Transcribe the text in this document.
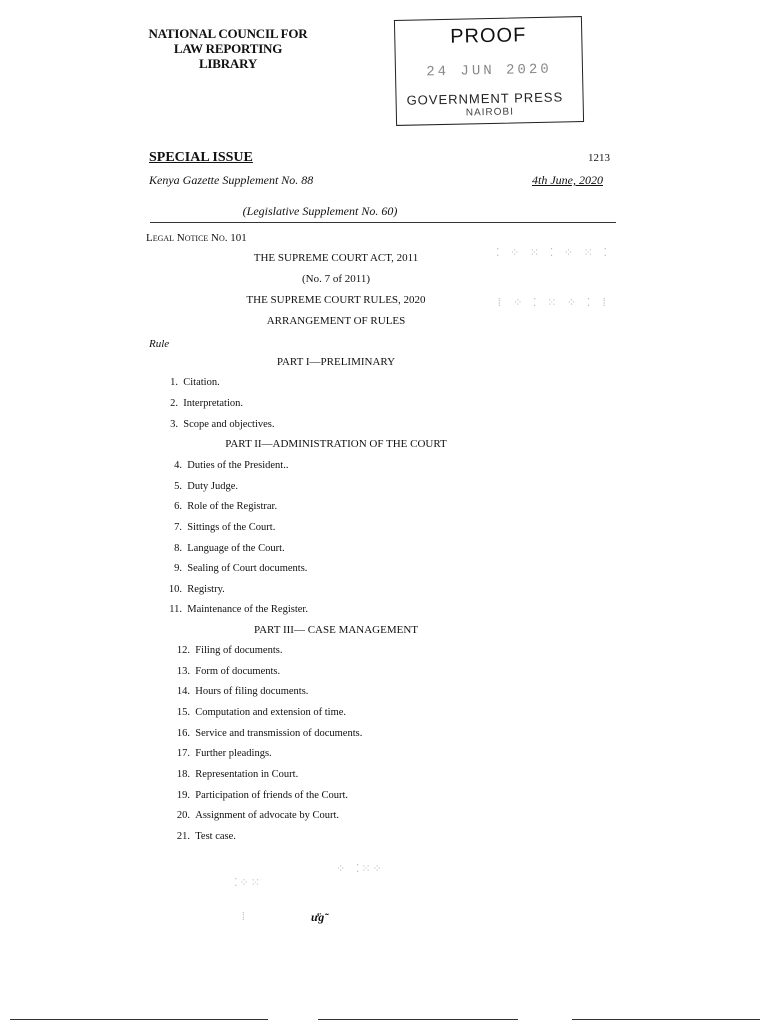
NATIONAL COUNCIL FOR
LAW REPORTING
LIBRARY
PROOF
24 JUN 2020
GOVERNMENT PRESS
NAIROBI
SPECIAL ISSUE	1213
Kenya Gazette Supplement No. 88	4th June, 2020
(Legislative Supplement No. 60)
Legal Notice No. 101
THE SUPREME COURT ACT, 2011
(No. 7 of 2011)
THE SUPREME COURT RULES, 2020
ARRANGEMENT OF RULES
Rule
⁚ ⁘ ⁙ ⁚ ⁘ ⁙ ⁚
⁞ ⁘ ⁚ ⁙ ⁘ ⁚ ⁞
PART I—PRELIMINARY
1. Citation.
2. Interpretation.
3. Scope and objectives.
PART II—ADMINISTRATION OF THE COURT
4. Duties of the President..
5. Duty Judge.
6. Role of the Registrar.
7. Sittings of the Court.
8. Language of the Court.
9. Sealing of Court documents.
10. Registry.
11. Maintenance of the Register.
PART III— CASE MANAGEMENT
12. Filing of documents.
13. Form of documents.
14. Hours of filing documents.
15. Computation and extension of time.
16. Service and transmission of documents.
17. Further pleadings.
18. Representation in Court.
19. Participation of friends of the Court.
20. Assignment of advocate by Court.
21. Test case.
⁚⁘⁙
⁘ ⁚⁙⁘
⁞	ư̈ɡ̃
